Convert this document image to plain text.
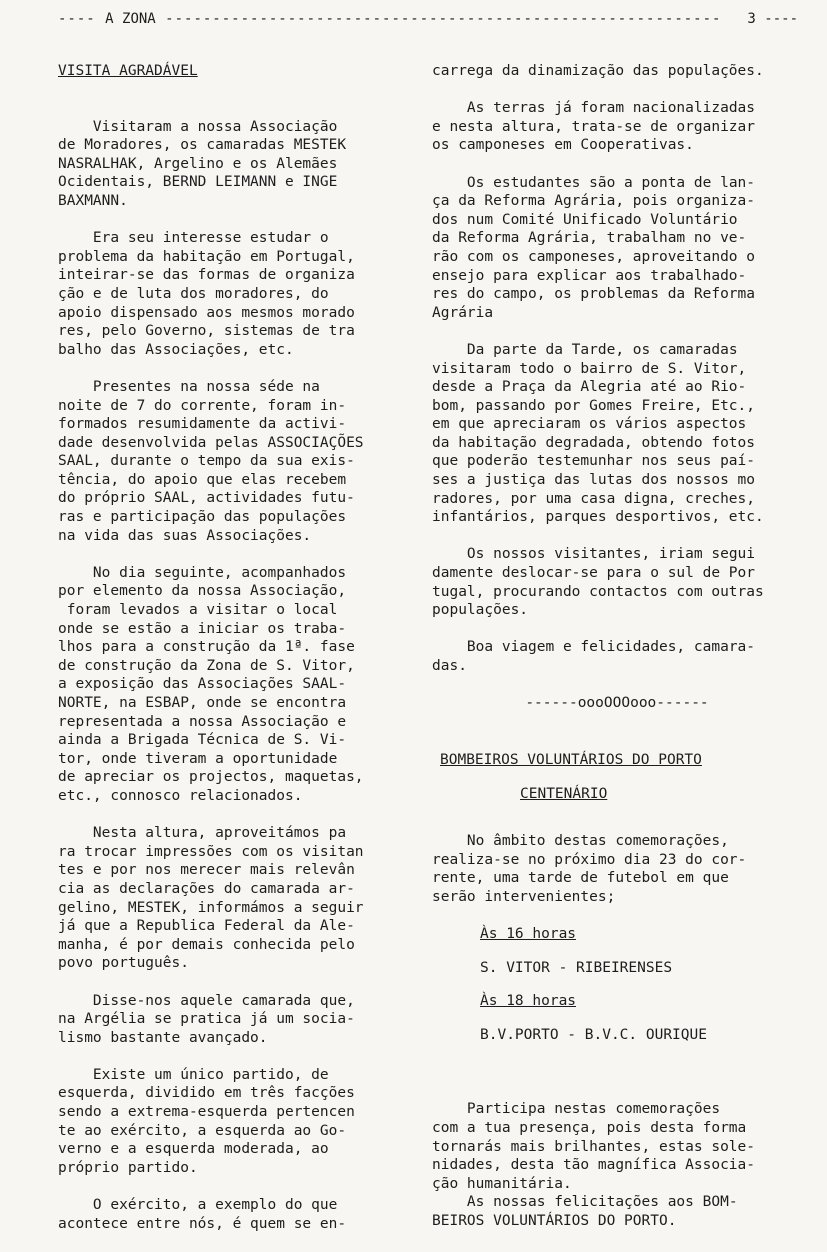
---- A ZONA ----------------------------------------------------------- 3 ----

VISITA AGRADÁVEL

Visitaram a nossa Associação
de Moradores, os camaradas MESTEK
NASRALHAK, Argelino e os Alemães
Ocidentais, BERND LEIMANN e INGE
BAXMANN.

Era seu interesse estudar o
problema da habitação em Portugal,
inteirar-se das formas de organiza
ção e de luta dos moradores, do
apoio dispensado aos mesmos morado
res, pelo Governo, sistemas de tra
balho das Associações, etc.

Presentes na nossa séde na
noite de 7 do corrente, foram in-
formados resumidamente da activi-
dade desenvolvida pelas ASSOCIAÇÕES
SAAL, durante o tempo da sua exis-
tência, do apoio que elas recebem
do próprio SAAL, actividades futu-
ras e participação das populações
na vida das suas Associações.

No dia seguinte, acompanhados
por elemento da nossa Associação,
foram levados a visitar o local
onde se estão a iniciar os traba-
lhos para a construção da 1ª. fase
de construção da Zona de S. Vitor,
a exposição das Associações SAAL-
NORTE, na ESBAP, onde se encontra
representada a nossa Associação e
ainda a Brigada Técnica de S. Vi-
tor, onde tiveram a oportunidade
de apreciar os projectos, maquetas,
etc., connosco relacionados.

Nesta altura, aproveitámos pa
ra trocar impressões com os visitan
tes e por nos merecer mais relevân
cia as declarações do camarada ar-
gelino, MESTEK, informámos a seguir
já que a Republica Federal da Ale-
manha, é por demais conhecida pelo
povo português.

Disse-nos aquele camarada que,
na Argélia se pratica já um socia-
lismo bastante avançado.

Existe um único partido, de
esquerda, dividido em três facções
sendo a extrema-esquerda pertencen
te ao exército, a esquerda ao Go-
verno e a esquerda moderada, ao
próprio partido.

O exército, a exemplo do que
acontece entre nós, é quem se en-

carrega da dinamização das populações.

As terras já foram nacionalizadas
e nesta altura, trata-se de organizar
os camponeses em Cooperativas.

Os estudantes são a ponta de lan-
ça da Reforma Agrária, pois organiza-
dos num Comité Unificado Voluntário
da Reforma Agrária, trabalham no ve-
rão com os camponeses, aproveitando o
ensejo para explicar aos trabalhado-
res do campo, os problemas da Reforma
Agrária

Da parte da Tarde, os camaradas
visitaram todo o bairro de S. Vitor,
desde a Praça da Alegria até ao Rio-
bom, passando por Gomes Freire, Etc.,
em que apreciaram os vários aspectos
da habitação degradada, obtendo fotos
que poderão testemunhar nos seus paí-
ses a justiça das lutas dos nossos mo
radores, por uma casa digna, creches,
infantários, parques desportivos, etc.

Os nossos visitantes, iriam segui
damente deslocar-se para o sul de Por
tugal, procurando contactos com outras
populações.

Boa viagem e felicidades, camara-
das.

------oooOOOooo------

BOMBEIROS VOLUNTÁRIOS DO PORTO

CENTENÁRIO

No âmbito destas comemorações,
realiza-se no próximo dia 23 do cor-
rente, uma tarde de futebol em que
serão intervenientes;

Às 16 horas

S. VITOR - RIBEIRENSES

Às 18 horas

B.V.PORTO - B.V.C. OURIQUE

Participa nestas comemorações
com a tua presença, pois desta forma
tornarás mais brilhantes, estas sole-
nidades, desta tão magnífica Associa-
ção humanitária.

As nossas felicitações aos BOM-
BEIROS VOLUNTÁRIOS DO PORTO.
